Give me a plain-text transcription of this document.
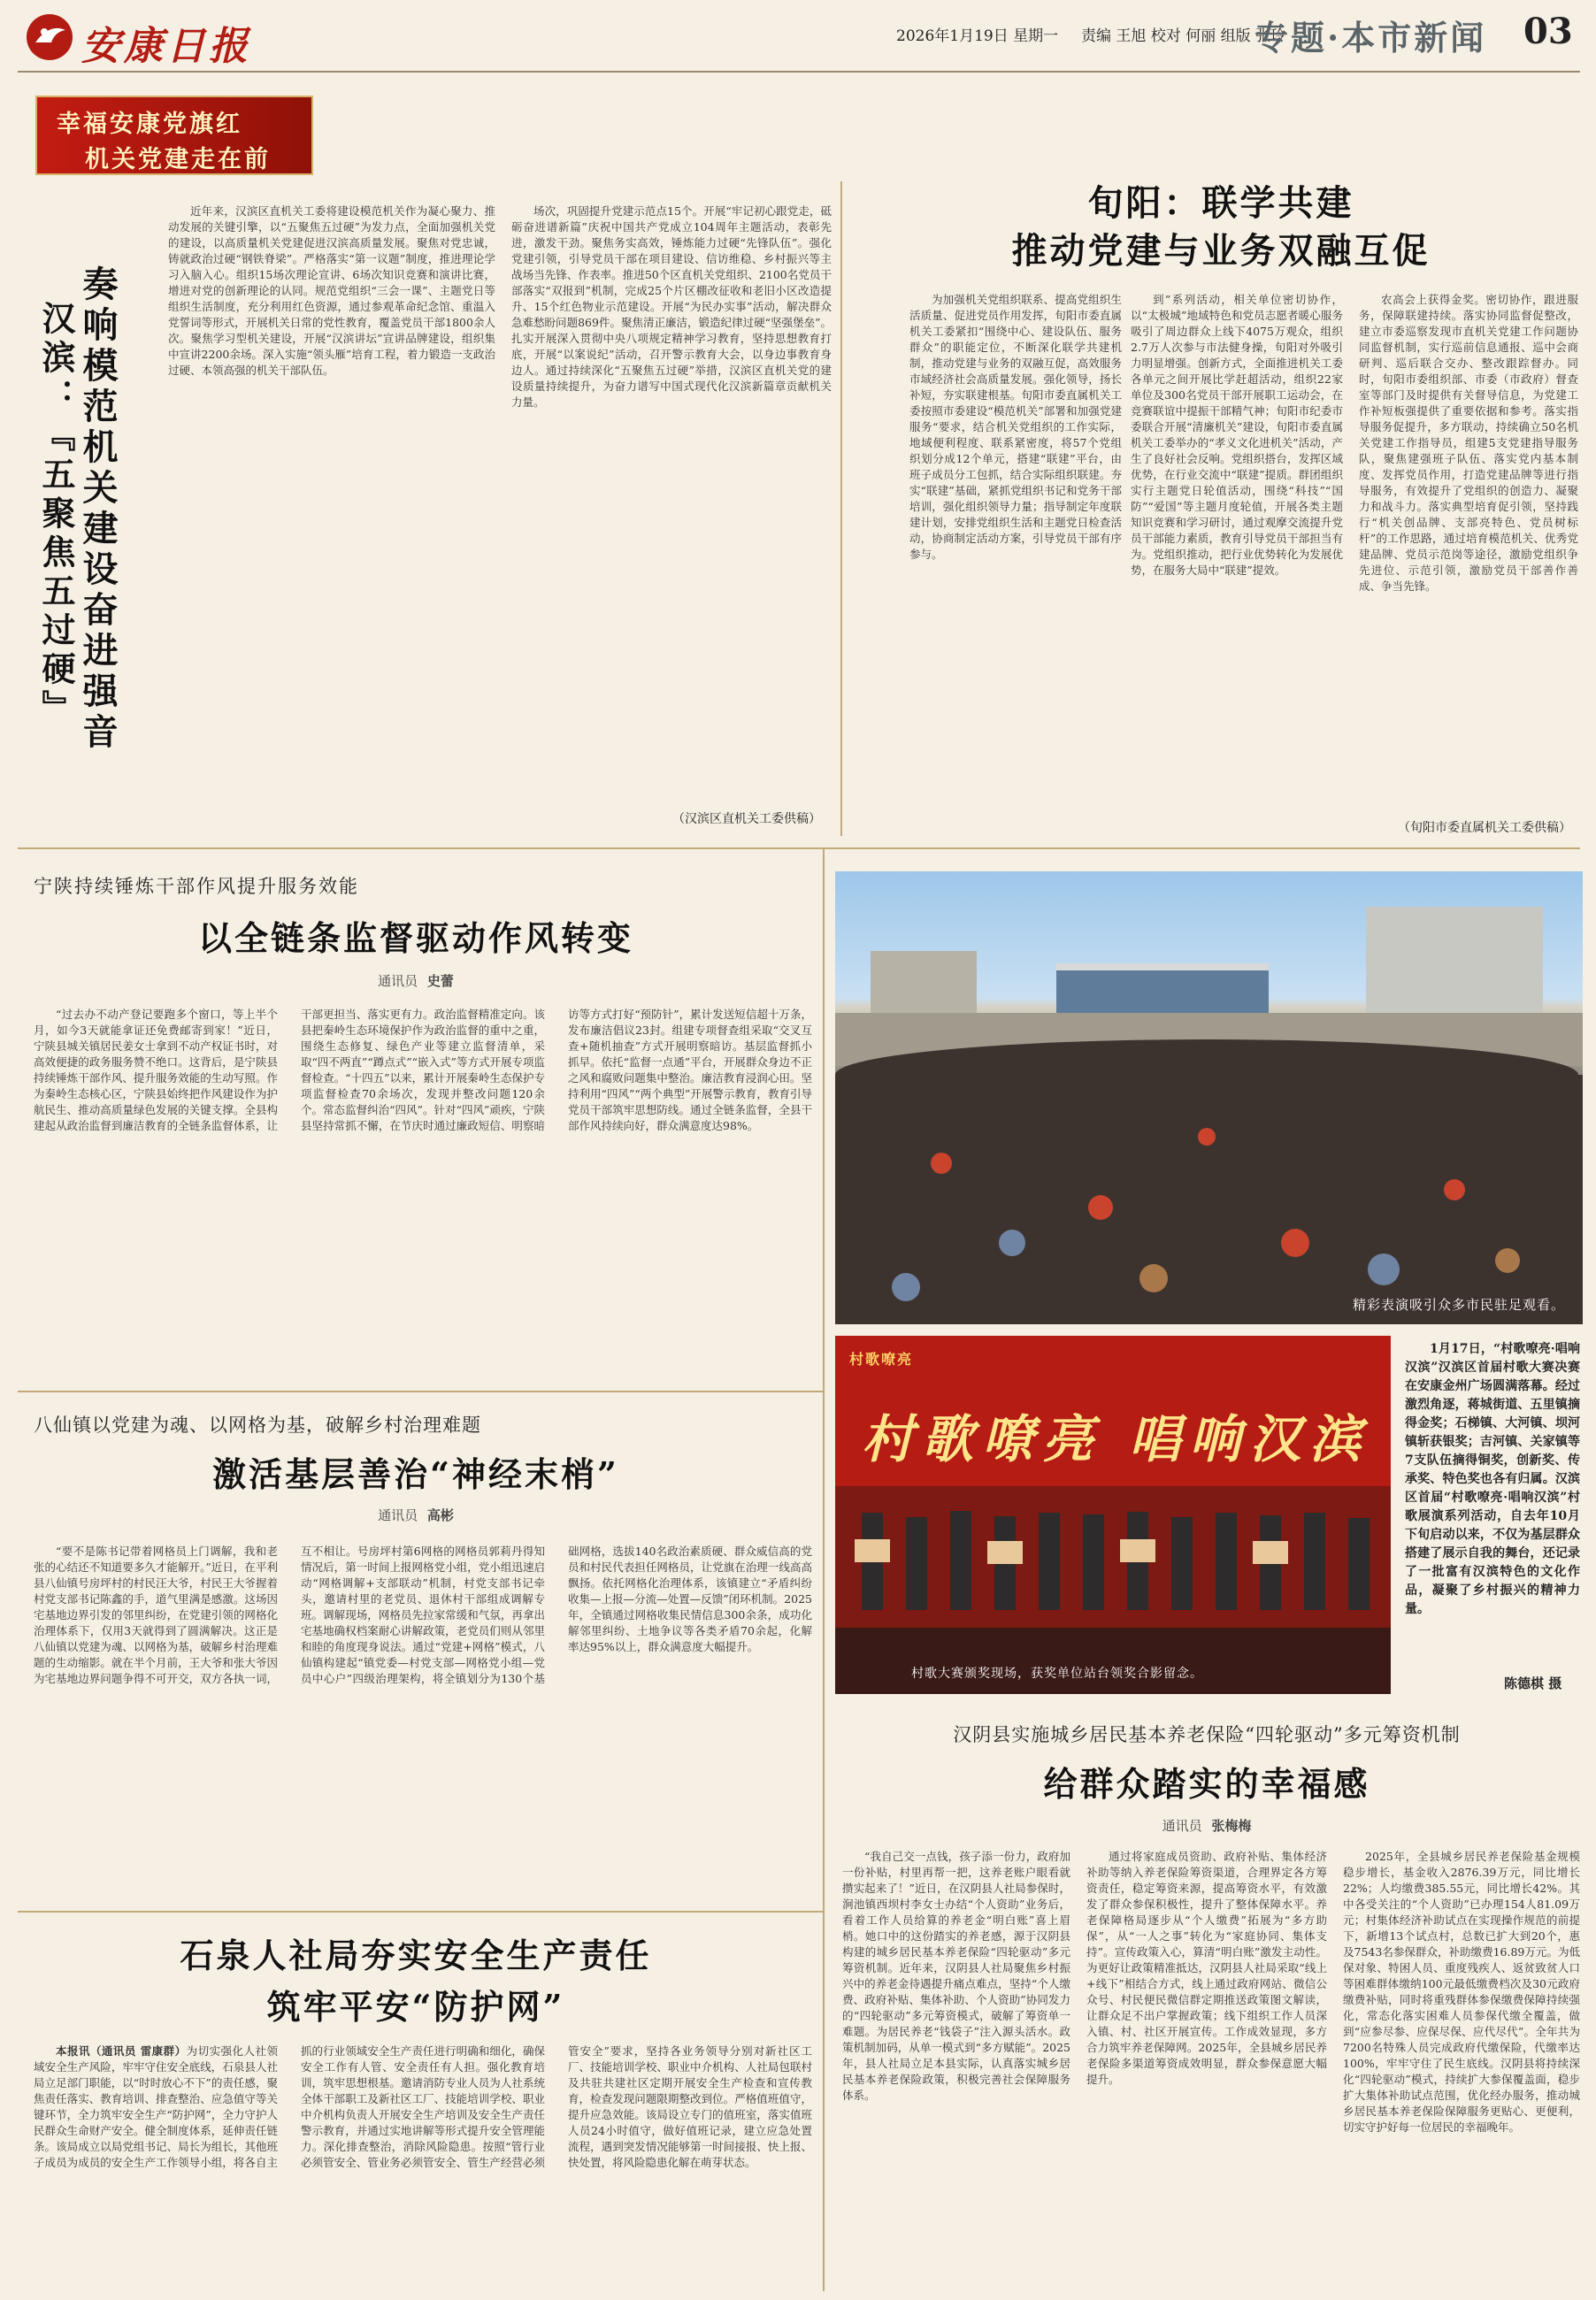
安康日报	2026年1月19日 星期一 责编 王旭 校对 何丽 组版 张玲
专题·本市新闻 03
幸福安康党旗红
机关党建走在前
奏响模范机关建设奋进强音
汉滨：『五聚焦五过硬』

近年来，汉滨区直机关工委将建设模范机关作为凝心聚力、推动发展的关键引擎，以“五聚焦五过硬”为发力点，全面加强机关党的建设，以高质量机关党建促进汉滨高质量发展。聚焦对党忠诚，铸就政治过硬“钢铁脊梁”。严格落实“第一议题”制度，推进理论学习入脑入心。组织15场次理论宣讲、6场次知识竞赛和演讲比赛，增进对党的创新理论的认同。规范党组织“三会一课”、主题党日等组织生活制度，充分利用红色资源，通过参观革命纪念馆、重温入党誓词等形式，开展机关日常的党性教育，覆盖党员干部1800余人次。聚焦学习型机关建设，开展“汉滨讲坛”宣讲品牌建设，组织集中宣讲2200余场。深入实施“领头雁”培育工程，着力锻造一支政治过硬、本领高强的机关干部队伍。

场次，巩固提升党建示范点15个。开展“牢记初心跟党走，砥砺奋进谱新篇”庆祝中国共产党成立104周年主题活动，表彰先进，激发干劲。聚焦务实高效，锤炼能力过硬“先锋队伍”。强化党建引领，引导党员干部在项目建设、信访维稳、乡村振兴等主战场当先锋、作表率。推进50个区直机关党组织、2100名党员干部落实“双报到”机制，完成25个片区棚改征收和老旧小区改造提升、15个红色物业示范建设。开展“为民办实事”活动，解决群众急难愁盼问题869件。聚焦清正廉洁，锻造纪律过硬“坚强堡垒”。扎实开展深入贯彻中央八项规定精神学习教育，坚持思想教育打底，开展“以案说纪”活动，召开警示教育大会，以身边事教育身边人。通过持续深化“五聚焦五过硬”举措，汉滨区直机关党的建设质量持续提升，为奋力谱写中国式现代化汉滨新篇章贡献机关力量。

（汉滨区直机关工委供稿）
旬阳：联学共建
推动党建与业务双融互促

为加强机关党组织联系、提高党组织生活质量、促进党员作用发挥，旬阳市委直属机关工委紧扣“围绕中心、建设队伍、服务群众”的职能定位，不断深化联学共建机制，推动党建与业务的双融互促，高效服务市域经济社会高质量发展。强化领导，扬长补短，夯实联建根基。旬阳市委直属机关工委按照市委建设“模范机关”部署和加强党建服务“要求，结合机关党组织的工作实际，地域便利程度、联系紧密度，将57个党组织划分成12个单元，搭建“联建”平台，由班子成员分工包抓，结合实际组织联建。夯实“联建”基础，紧抓党组织书记和党务干部培训，强化组织领导力量；指导制定年度联建计划，安排党组织生活和主题党日检查活动，协商制定活动方案，引导党员干部有序参与。

到”系列活动，相关单位密切协作，以“太极城”地域特色和党员志愿者暖心服务吸引了周边群众上线下4075万观众，组织2.7万人次参与市法健身操，旬阳对外吸引力明显增强。创新方式，全面推进机关工委各单元之间开展比学赶超活动，组织22家单位及300名党员干部开展职工运动会，在竞赛联谊中提振干部精气神；旬阳市纪委市委联合开展“清廉机关”建设，旬阳市委直属机关工委举办的“孝义文化进机关”活动，产生了良好社会反响。党组织搭台，发挥区域优势，在行业交流中“联建”提质。群团组织实行主题党日轮值活动，围绕“科技”“国防”“爱国”等主题月度轮值，开展各类主题知识竞赛和学习研讨，通过观摩交流提升党员干部能力素质，教育引导党员干部担当有为。党组织推动，把行业优势转化为发展优势，在服务大局中“联建”提效。

农高会上获得金奖。密切协作，跟进服务，保障联建持续。落实协同监督促整改，建立市委巡察发现市直机关党建工作问题协同监督机制，实行巡前信息通报、巡中会商研判、巡后联合交办、整改跟踪督办。同时，旬阳市委组织部、市委（市政府）督查室等部门及时提供有关督导信息，为党建工作补短板强提供了重要依据和参考。落实指导服务促提升，多方联动，持续确立50名机关党建工作指导员，组建5支党建指导服务队，聚焦建强班子队伍、落实党内基本制度、发挥党员作用，打造党建品牌等进行指导服务，有效提升了党组织的创造力、凝聚力和战斗力。落实典型培育促引领，坚持践行“机关创品牌、支部亮特色、党员树标杆”的工作思路，通过培育模范机关、优秀党建品牌、党员示范岗等途径，激励党组织争先进位、示范引领，激励党员干部善作善成、争当先锋。

（旬阳市委直属机关工委供稿）
宁陕持续锤炼干部作风提升服务效能
以全链条监督驱动作风转变
通讯员 史蕾

“过去办不动产登记要跑多个窗口，等上半个月，如今3天就能拿证还免费邮寄到家！”近日，宁陕县城关镇居民姜女士拿到不动产权证书时，对高效便捷的政务服务赞不绝口。这背后，是宁陕县持续锤炼干部作风、提升服务效能的生动写照。作为秦岭生态核心区，宁陕县始终把作风建设作为护航民生、推动高质量绿色发展的关键支撑。全县构建起从政治监督到廉洁教育的全链条监督体系，让干部更担当、落实更有力。政治监督精准定向。该县把秦岭生态环境保护作为政治监督的重中之重，围绕生态修复、绿色产业等建立监督清单，采取“四不两直”“蹲点式”“嵌入式”等方式开展专项监督检查。“十四五”以来，累计开展秦岭生态保护专项监督检查70余场次，发现并整改问题120余个。常态监督纠治“四风”。针对“四风”顽疾，宁陕县坚持常抓不懈，在节庆时通过廉政短信、明察暗访等方式打好“预防针”，累计发送短信超十万条，发布廉洁倡议23封。组建专项督查组采取“交叉互查+随机抽查”方式开展明察暗访。基层监督抓小抓早。依托“监督一点通”平台，开展群众身边不正之风和腐败问题集中整治。廉洁教育浸润心田。坚持利用“四风”“两个典型”开展警示教育，教育引导党员干部筑牢思想防线。通过全链条监督，全县干部作风持续向好，群众满意度达98%。

八仙镇以党建为魂、以网格为基，破解乡村治理难题
激活基层善治“神经末梢”
通讯员 高彬

“要不是陈书记带着网格员上门调解，我和老张的心结还不知道要多久才能解开。”近日，在平利县八仙镇号房坪村的村民汪大爷，村民王大爷握着村党支部书记陈鑫的手，道气里满是感激。这场因宅基地边界引发的邻里纠纷，在党建引领的网格化治理体系下，仅用3天就得到了圆满解决。这正是八仙镇以党建为魂、以网格为基，破解乡村治理难题的生动缩影。就在半个月前，王大爷和张大爷因为宅基地边界问题争得不可开交，双方各执一词，互不相让。号房坪村第6网格的网格员郭莉丹得知情况后，第一时间上报网格党小组，党小组迅速启动“网格调解+支部联动”机制，村党支部书记牵头，邀请村里的老党员、退休村干部组成调解专班。调解现场，网格员先拉家常缓和气氛，再拿出宅基地确权档案耐心讲解政策，老党员们则从邻里和睦的角度现身说法。通过“党建+网格”模式，八仙镇构建起“镇党委—村党支部—网格党小组—党员中心户”四级治理架构，将全镇划分为130个基础网格，选拔140名政治素质硬、群众威信高的党员和村民代表担任网格员，让党旗在治理一线高高飘扬。依托网格化治理体系，该镇建立“矛盾纠纷收集—上报—分流—处置—反馈”闭环机制。2025年，全镇通过网格收集民情信息300余条，成功化解邻里纠纷、土地争议等各类矛盾70余起，化解率达95%以上，群众满意度大幅提升。

石泉人社局夯实安全生产责任
筑牢平安“防护网”

本报讯（通讯员 雷康群）为切实强化人社领域安全生产风险，牢牢守住安全底线，石泉县人社局立足部门职能，以“时时放心不下”的责任感，聚焦责任落实、教育培训、排查整治、应急值守等关键环节，全力筑牢安全生产“防护网”，全力守护人民群众生命财产安全。健全制度体系，延伸责任链条。该局成立以局党组书记、局长为组长，其他班子成员为成员的安全生产工作领导小组，将各自主抓的行业领域安全生产责任进行明确和细化，确保安全工作有人管、安全责任有人担。强化教育培训，筑牢思想根基。邀请消防专业人员为人社系统全体干部职工及新社区工厂、技能培训学校、职业中介机构负责人开展安全生产培训及安全生产责任警示教育，并通过实地讲解等形式提升安全管理能力。深化排查整治，消除风险隐患。按照“管行业必须管安全、管业务必须管安全、管生产经营必须管安全”要求，坚持各业务领导分别对新社区工厂、技能培训学校、职业中介机构、人社局包联村及共驻共建社区定期开展安全生产检查和宣传教育，检查发现问题限期整改到位。严格值班值守，提升应急效能。该局设立专门的值班室，落实值班人员24小时值守，做好值班记录，建立应急处置流程，遇到突发情况能够第一时间接报、快上报、快处置，将风险隐患化解在萌芽状态。

精彩表演吸引众多市民驻足观看。
村歌嘹亮
村歌嘹亮 唱响汉滨
村歌大赛颁奖现场，获奖单位站台领奖合影留念。

1月17日，“村歌嘹亮·唱响汉滨”汉滨区首届村歌大赛决赛在安康金州广场圆满落幕。经过激烈角逐，蒋城街道、五里镇摘得金奖；石梯镇、大河镇、坝河镇斩获银奖；吉河镇、关家镇等7支队伍摘得铜奖，创新奖、传承奖、特色奖也各有归属。汉滨区首届“村歌嘹亮·唱响汉滨”村歌展演系列活动，自去年10月下旬启动以来，不仅为基层群众搭建了展示自我的舞台，还记录了一批富有汉滨特色的文化作品，凝聚了乡村振兴的精神力量。

陈德棋 摄
汉阴县实施城乡居民基本养老保险“四轮驱动”多元筹资机制
给群众踏实的幸福感
通讯员 张梅梅

“我自己交一点钱，孩子添一份力，政府加一份补贴，村里再帮一把，这养老账户眼看就攒实起来了！”近日，在汉阴县人社局参保时，涧池镇西坝村李女士办结“个人资助”业务后，看着工作人员给算的养老金“明白账”喜上眉梢。她口中的这份踏实的养老感，源于汉阴县构建的城乡居民基本养老保险“四轮驱动”多元筹资机制。近年来，汉阴县人社局聚焦乡村振兴中的养老金待遇提升痛点难点，坚持“个人缴费、政府补贴、集体补助、个人资助”协同发力的“四轮驱动”多元筹资模式，破解了筹资单一难题。为居民养老“钱袋子”注入源头活水。政策机制加码，从单一模式到“多方赋能”。2025年，县人社局立足本县实际，认真落实城乡居民基本养老保险政策，积极完善社会保障服务体系。

通过将家庭成员资助、政府补贴、集体经济补助等纳入养老保险筹资渠道，合理界定各方筹资责任，稳定筹资来源，提高筹资水平，有效激发了群众参保积极性，提升了整体保障水平。养老保障格局逐步从“个人缴费”拓展为“多方助保”，从“一人之事”转化为“家庭协同、集体支持”。宣传政策入心，算清“明白账”激发主动性。为更好让政策精准抵达，汉阴县人社局采取“线上+线下”相结合方式，线上通过政府网站、微信公众号、村民便民微信群定期推送政策图文解读，让群众足不出户掌握政策；线下组织工作人员深入镇、村、社区开展宣传。工作成效显现，多方合力筑牢养老保障网。2025年，全县城乡居民养老保险多渠道筹资成效明显，群众参保意愿大幅提升。

2025年，全县城乡居民养老保险基金规模稳步增长，基金收入2876.39万元，同比增长22%；人均缴费385.55元，同比增长42%。其中各受关注的“个人资助”已办理154人81.09万元；村集体经济补助试点在实现操作规范的前提下，新增13个试点村，总数已扩大到20个，惠及7543名参保群众，补助缴费16.89万元。为低保对象、特困人员、重度残疾人、返贫致贫人口等困难群体缴纳100元最低缴费档次及30元政府缴费补贴，同时将重残群体参保缴费保障持续强化，常态化落实困难人员参保代缴全覆盖，做到“应参尽参、应保尽保、应代尽代”。全年共为7200名特殊人员完成政府代缴保险，代缴率达100%，牢牢守住了民生底线。汉阴县将持续深化“四轮驱动”模式，持续扩大参保覆盖面，稳步扩大集体补助试点范围，优化经办服务，推动城乡居民基本养老保险保障服务更贴心、更便利，切实守护好每一位居民的幸福晚年。
